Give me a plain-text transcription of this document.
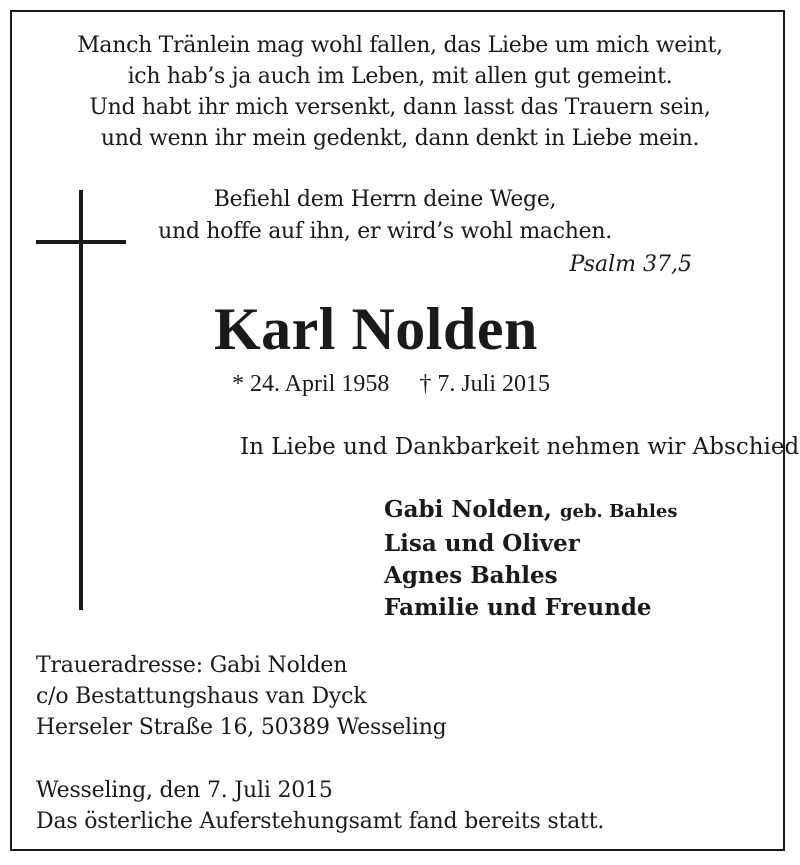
Manch Tränlein mag wohl fallen, das Liebe um mich weint,
ich hab’s ja auch im Leben, mit allen gut gemeint.
Und habt ihr mich versenkt, dann lasst das Trauern sein,
und wenn ihr mein gedenkt, dann denkt in Liebe mein.
Befiehl dem Herrn deine Wege,
und hoffe auf ihn, er wird’s wohl machen.
Psalm 37,5
Karl Nolden
* 24. April 1958 † 7. Juli 2015
In Liebe und Dankbarkeit nehmen wir Abschied
Gabi Nolden, geb. Bahles
Lisa und Oliver
Agnes Bahles
Familie und Freunde
Traueradresse: Gabi Nolden
c/o Bestattungshaus van Dyck
Herseler Straße 16, 50389 Wesseling
Wesseling, den 7. Juli 2015
Das österliche Auferstehungsamt fand bereits statt.
